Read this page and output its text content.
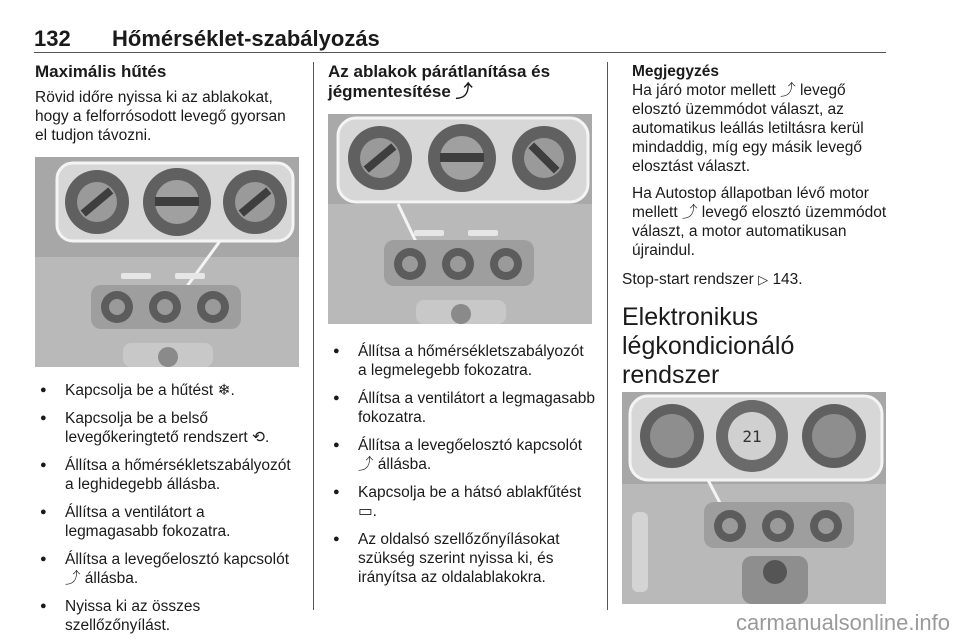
132 Hőmérséklet-szabályozás

Maximális hűtés

Rövid időre nyissa ki az ablakokat, hogy a felforrósodott levegő gyorsan el tudjon távozni.

● Kapcsolja be a hűtést ❄.
● Kapcsolja be a belső levegőkeringtető rendszert ⟲.
● Állítsa a hőmérsékletszabályozót a leghidegebb állásba.
● Állítsa a ventilátort a legmagasabb fokozatra.
● Állítsa a levegőelosztó kapcsolót ⤴ állásba.
● Nyissa ki az összes szellőzőnyílást.

Az ablakok párátlanítása és

jégmentesítése ⤴

● Állítsa a hőmérsékletszabályozót a legmelegebb fokozatra.
● Állítsa a ventilátort a legmagasabb fokozatra.
● Állítsa a levegőelosztó kapcsolót ⤴ állásba.
● Kapcsolja be a hátsó ablakfűtést ▭.
● Az oldalsó szellőzőnyílásokat szükség szerint nyissa ki, és irányítsa az oldalablakokra.

Megjegyzés

Ha járó motor mellett ⤴ levegő elosztó üzemmódot választ, az automatikus leállás letiltásra kerül mindaddig, míg egy másik levegő elosztást választ.

Ha Autostop állapotban lévő motor mellett ⤴ levegő elosztó üzemmódot választ, a motor automatikusan újraindul.

Stop-start rendszer ▷ 143.

Elektronikus

légkondicionáló rendszer

21
carmanualsonline.info
